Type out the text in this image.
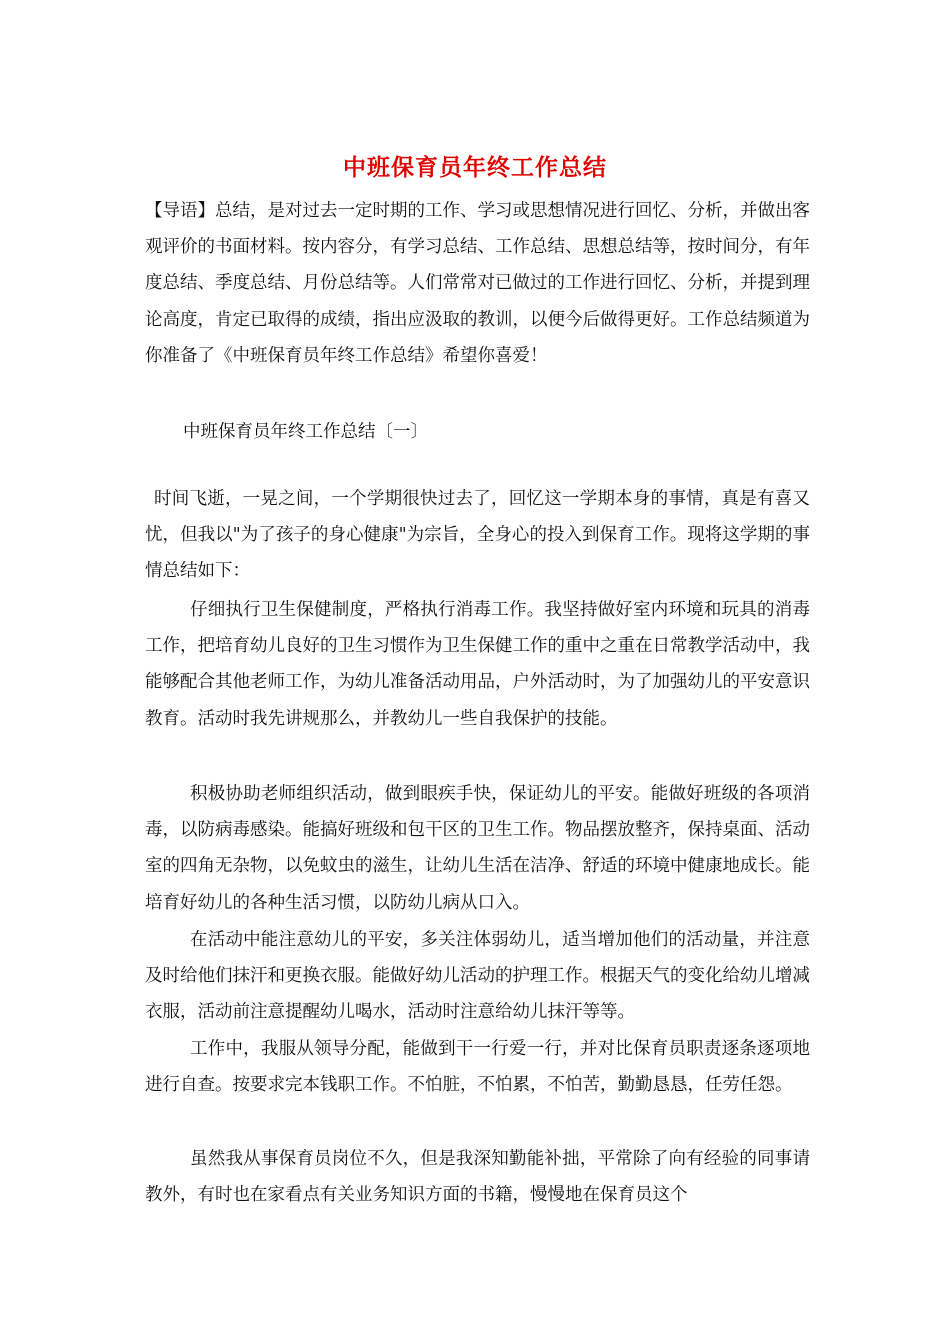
中班保育员年终工作总结

【导语】总结，是对过去一定时期的工作、学习或思想情况进行回忆、分析，并做出客观评价的书面材料。按内容分，有学习总结、工作总结、思想总结等，按时间分，有年度总结、季度总结、月份总结等。人们常常对已做过的工作进行回忆、分析，并提到理论高度，肯定已取得的成绩，指出应汲取的教训，以便今后做得更好。工作总结频道为你准备了《中班保育员年终工作总结》希望你喜爱！

中班保育员年终工作总结〔一〕

时间飞逝，一晃之间，一个学期很快过去了，回忆这一学期本身的事情，真是有喜又忧，但我以"为了孩子的身心健康"为宗旨，全身心的投入到保育工作。现将这学期的事情总结如下：

仔细执行卫生保健制度，严格执行消毒工作。我坚持做好室内环境和玩具的消毒工作，把培育幼儿良好的卫生习惯作为卫生保健工作的重中之重在日常教学活动中，我能够配合其他老师工作，为幼儿准备活动用品，户外活动时，为了加强幼儿的平安意识教育。活动时我先讲规那么，并教幼儿一些自我保护的技能。

积极协助老师组织活动，做到眼疾手快，保证幼儿的平安。能做好班级的各项消毒，以防病毒感染。能搞好班级和包干区的卫生工作。物品摆放整齐，保持桌面、活动室的四角无杂物，以免蚊虫的滋生，让幼儿生活在洁净、舒适的环境中健康地成长。能培育好幼儿的各种生活习惯，以防幼儿病从口入。

在活动中能注意幼儿的平安，多关注体弱幼儿，适当增加他们的活动量，并注意及时给他们抹汗和更换衣服。能做好幼儿活动的护理工作。根据天气的变化给幼儿增减衣服，活动前注意提醒幼儿喝水，活动时注意给幼儿抹汗等等。

工作中，我服从领导分配，能做到干一行爱一行，并对比保育员职责逐条逐项地进行自查。按要求完本钱职工作。不怕脏，不怕累，不怕苦，勤勤恳恳，任劳任怨。

虽然我从事保育员岗位不久，但是我深知勤能补拙，平常除了向有经验的同事请教外，有时也在家看点有关业务知识方面的书籍，慢慢地在保育员这个
